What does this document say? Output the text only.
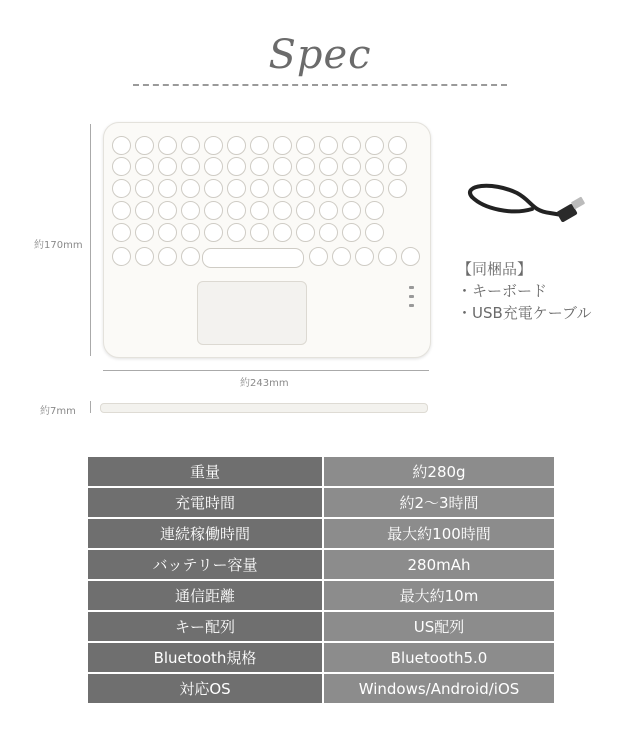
Spec
約170mm
約243mm
約7mm
【同梱品】
・キーボード
・USB充電ケーブル
重量	約280g
充電時間	約2～3時間
連続稼働時間	最大約100時間
バッテリー容量	280mAh
通信距離	最大約10m
キー配列	US配列
Bluetooth規格	Bluetooth5.0
対応OS	Windows/Android/iOS
